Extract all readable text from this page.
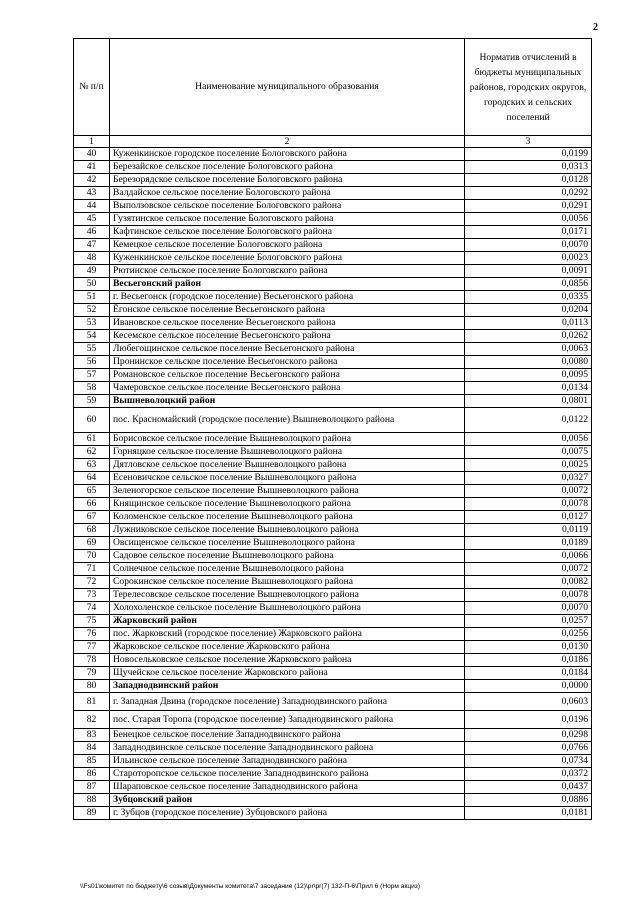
2
№ п/п	Наименование муниципального образования	Норматив отчислений в бюджеты муниципальных районов, городских округов, городских и сельских поселений
1	2	3
40	Куженкинское городское поселение Бологовского района	0,0199
41	Березайское сельское поселение Бологовского района	0,0313
42	Березорядское сельское поселение Бологовского района	0,0128
43	Валдайское сельское поселение Бологовского района	0,0292
44	Выползовское сельское поселение Бологовского района	0,0291
45	Гузятинское сельское поселение Бологовского района	0,0056
46	Кафтинское сельское поселение Бологовского района	0,0171
47	Кемецкое сельское поселение Бологовского района	0,0070
48	Куженкинское сельское поселение Бологовского района	0,0023
49	Рютинское сельское поселение Бологовского района	0,0091
50	Весьегонский район	0,0856
51	г. Весьегонск (городское поселение) Весьегонского района	0,0335
52	Ёгонское сельское поселение Весьегонского района	0,0204
53	Ивановское сельское поселение Весьегонского района	0,0113
54	Кесемское сельское поселение Весьегонского района	0,0262
55	Любегощинское сельское поселение Весьегонского района	0,0063
56	Пронинское сельское поселение Весьегонского района	0,0080
57	Романовское сельское поселение Весьегонского района	0,0095
58	Чамеровское сельское поселение Весьегонского района	0,0134
59	Вышневолоцкий район	0,0801
60	пос. Красномайский (городское поселение) Вышневолоцкого района	0,0122
61	Борисовское сельское поселение Вышневолоцкого района	0,0056
62	Горняцкое сельское поселение Вышневолоцкого района	0,0075
63	Дятловское сельское поселение Вышневолоцкого района	0,0025
64	Есеновичское сельское поселение Вышневолоцкого района	0,0327
65	Зеленогорское сельское поселение Вышневолоцкого района	0,0072
66	Княщинское сельское поселение Вышневолоцкого района	0,0078
67	Коломенское сельское поселение Вышневолоцкого района	0,0127
68	Лужниковское сельское поселение Вышневолоцкого района	0,0119
69	Овсищенское сельское поселение Вышневолоцкого района	0,0189
70	Садовое сельское поселение Вышневолоцкого района	0,0066
71	Солнечное сельское поселение Вышневолоцкого района	0,0072
72	Сорокинское сельское поселение Вышневолоцкого района	0,0082
73	Терелесовское сельское поселение Вышневолоцкого района	0,0078
74	Холохоленское сельское поселение Вышневолоцкого района	0,0070
75	Жарковский район	0,0257
76	пос. Жарковский (городское поселение) Жарковского района	0,0256
77	Жарковское сельское поселение Жарковского района	0,0130
78	Новосельковское сельское поселение Жарковского района	0,0186
79	Щучейское сельское поселение Жарковского района	0,0184
80	Западнодвинский район	0,0000
81	г. Западная Двина (городское поселение) Западнодвинского района	0,0603
82	пос. Старая Торопа (городское поселение) Западнодвинского района	0,0196
83	Бенецкое сельское поселение Западнодвинского района	0,0298
84	Западнодвинское сельское поселение Западнодвинского района	0,0766
85	Ильинское сельское поселение Западнодвинского района	0,0734
86	Староторопское сельское поселение Западнодвинского района	0,0372
87	Шараповское сельское поселение Западнодвинского района	0,0437
88	Зубцовский район	0,0886
89	г. Зубцов (городское поселение) Зубцовского района	0,0181
\\Fs01\комитет по бюджету\6 созыв\Документы комитета\7 заседание (12)\pr\pr(7) 132-П-6\Прил 6 (Норм акциз)
